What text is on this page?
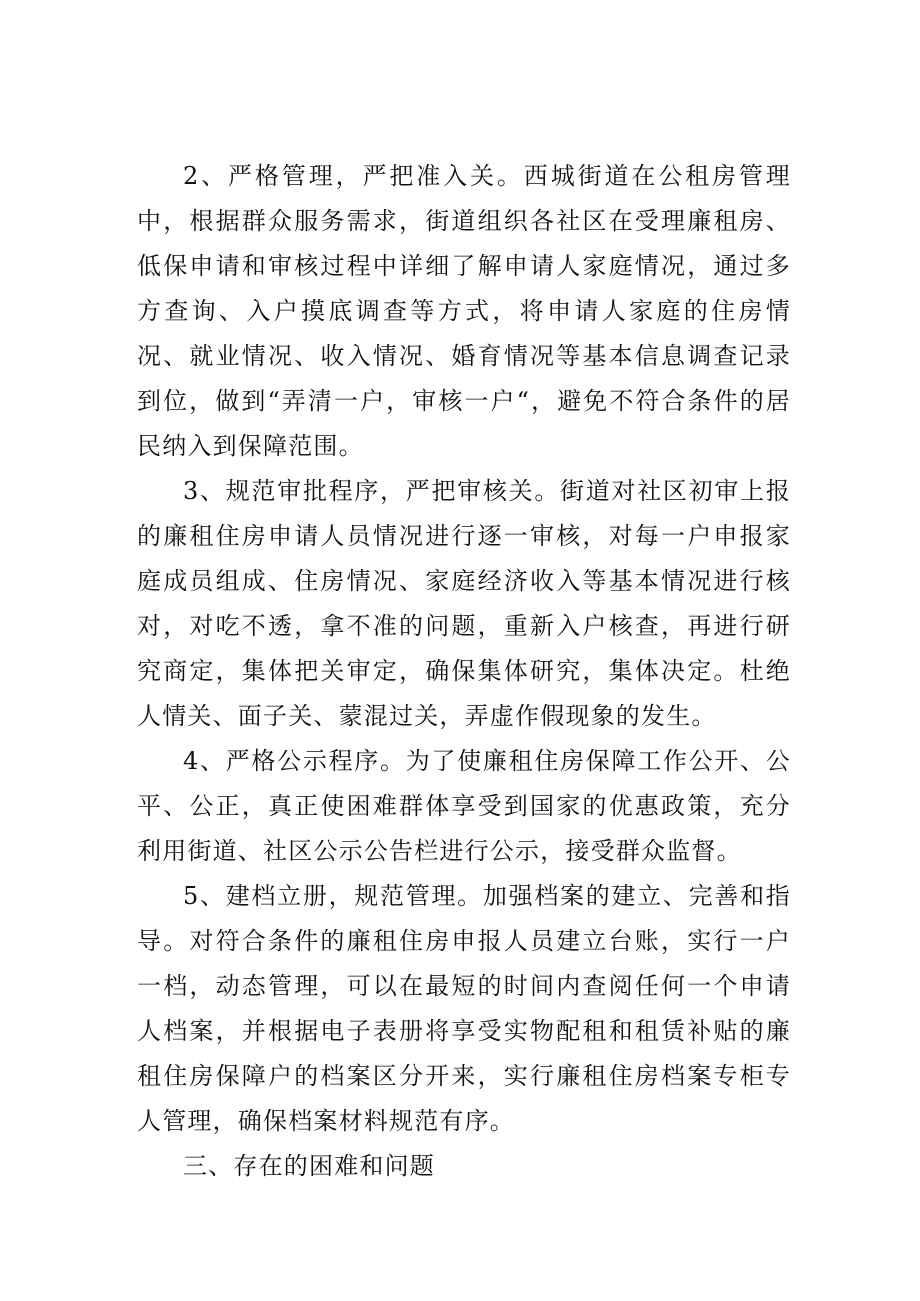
2、严格管理，严把准入关。西城街道在公租房管理中，根据群众服务需求，街道组织各社区在受理廉租房、低保申请和审核过程中详细了解申请人家庭情况，通过多方查询、入户摸底调查等方式，将申请人家庭的住房情况、就业情况、收入情况、婚育情况等基本信息调查记录到位，做到“弄清一户，审核一户“，避免不符合条件的居民纳入到保障范围。

3、规范审批程序，严把审核关。街道对社区初审上报的廉租住房申请人员情况进行逐一审核，对每一户申报家庭成员组成、住房情况、家庭经济收入等基本情况进行核对，对吃不透，拿不准的问题，重新入户核查，再进行研究商定，集体把关审定，确保集体研究，集体决定。杜绝人情关、面子关、蒙混过关，弄虚作假现象的发生。

4、严格公示程序。为了使廉租住房保障工作公开、公平、公正，真正使困难群体享受到国家的优惠政策，充分利用街道、社区公示公告栏进行公示，接受群众监督。

5、建档立册，规范管理。加强档案的建立、完善和指导。对符合条件的廉租住房申报人员建立台账，实行一户一档，动态管理，可以在最短的时间内查阅任何一个申请人档案，并根据电子表册将享受实物配租和租赁补贴的廉租住房保障户的档案区分开来，实行廉租住房档案专柜专人管理，确保档案材料规范有序。

三、存在的困难和问题
